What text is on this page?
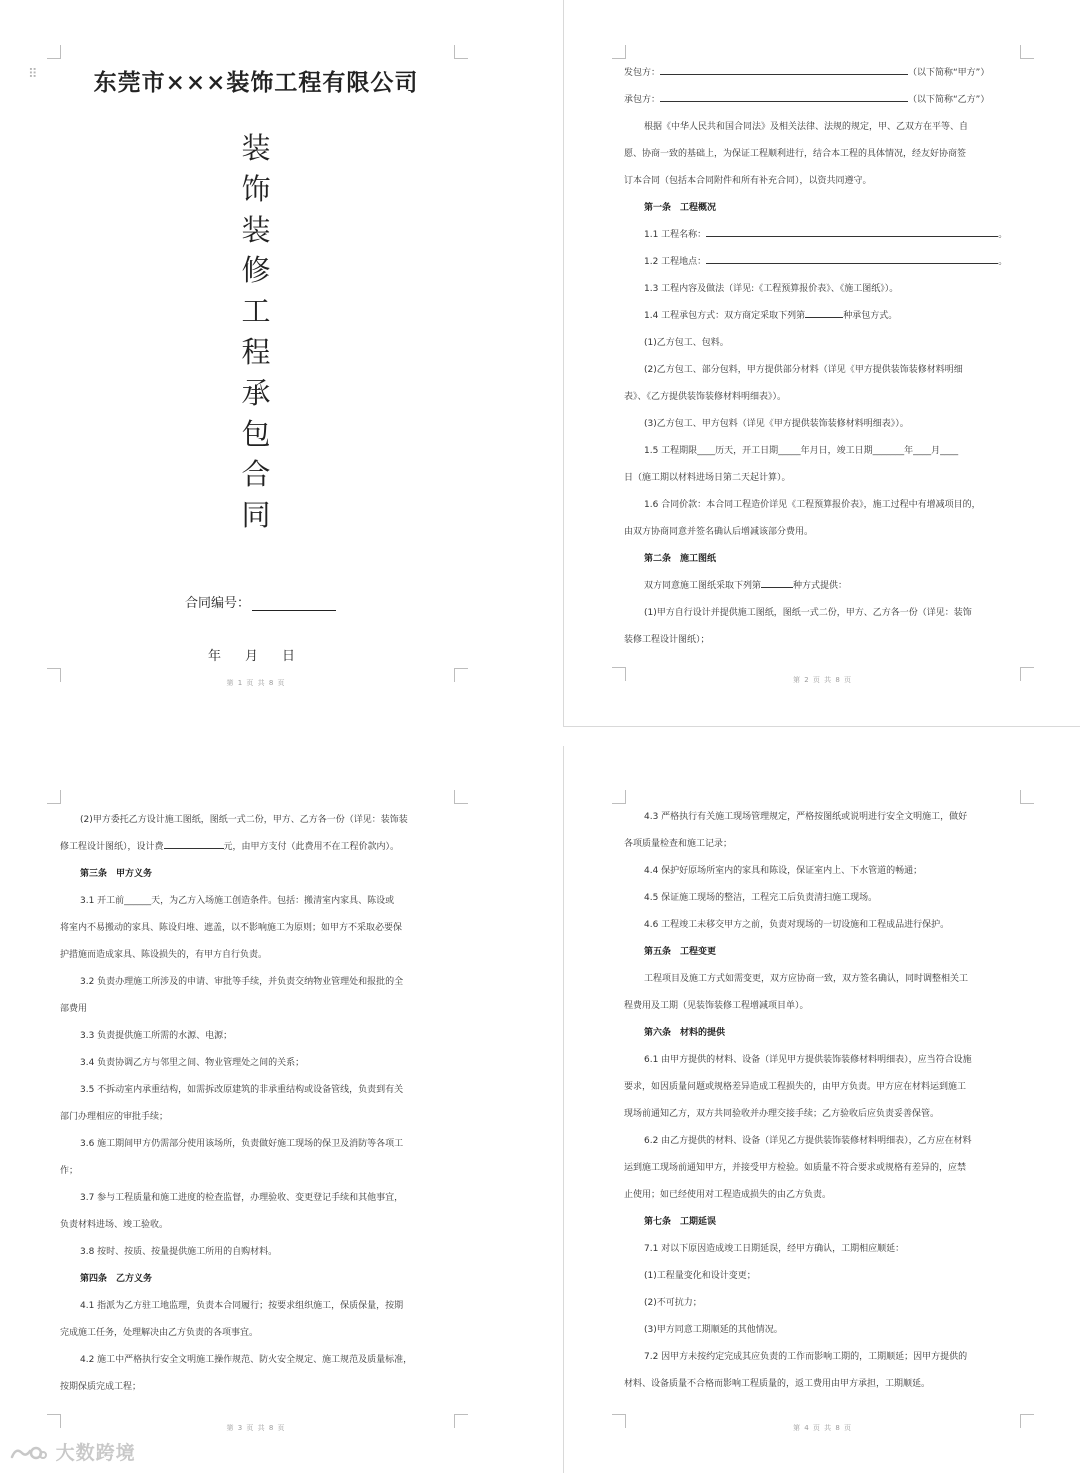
⠿	东莞市×××装饰工程有限公司
装
饰
装
修
工
程
承
包
合
同
合同编号：
年 月 日
第 1 页 共 8 页

发包方：	（以下简称“甲方”）

承包方：	（以下简称“乙方”）

根据《中华人民共和国合同法》及相关法律、法规的规定，甲、乙双方在平等、自

愿、协商一致的基础上，为保证工程顺利进行，结合本工程的具体情况，经友好协商签

订本合同（包括本合同附件和所有补充合同），以资共同遵守。

第一条　工程概况

1.1 工程名称：	。

1.2 工程地点：	。

1.3 工程内容及做法（详见:《工程预算报价表》、《施工图纸》）。

1.4 工程承包方式：双方商定采取下列第	种承包方式。

(1)乙方包工、包料。

(2)乙方包工、部分包料，甲方提供部分材料（详见《甲方提供装饰装修材料明细

表》、《乙方提供装饰装修材料明细表》）。

(3)乙方包工、甲方包料（详见《甲方提供装饰装修材料明细表》）。

1.5 工程期限____历天，开工日期_____年月日，竣工日期_______年____月____

日（施工期以材料进场日第二天起计算）。

1.6 合同价款：本合同工程造价详见《工程预算报价表》，施工过程中有增减项目的，

由双方协商同意并签名确认后增减该部分费用。

第二条　施工图纸

双方同意施工图纸采取下列第	种方式提供：

(1)甲方自行设计并提供施工图纸，图纸一式二份，甲方、乙方各一份（详见：装饰

装修工程设计图纸）；

第 2 页 共 8 页

(2)甲方委托乙方设计施工图纸，图纸一式二份，甲方、乙方各一份（详见：装饰装

修工程设计图纸），设计费	元，由甲方支付（此费用不在工程价款内）。

第三条　甲方义务

3.1 开工前______天，为乙方入场施工创造条件。包括：搬清室内家具、陈设或

将室内不易搬动的家具、陈设归堆、遮盖，以不影响施工为原则；如甲方不采取必要保

护措施而造成家具、陈设损失的，有甲方自行负责。

3.2 负责办理施工所涉及的申请、审批等手续，并负责交纳物业管理处和报批的全

部费用

3.3 负责提供施工所需的水源、电源；

3.4 负责协调乙方与邻里之间、物业管理处之间的关系；

3.5 不拆动室内承重结构，如需拆改原建筑的非承重结构或设备管线，负责到有关

部门办理相应的审批手续；

3.6 施工期间甲方仍需部分使用该场所，负责做好施工现场的保卫及消防等各项工

作；

3.7 参与工程质量和施工进度的检查监督，办理验收、变更登记手续和其他事宜，

负责材料进场、竣工验收。

3.8 按时、按质、按量提供施工所用的自购材料。

第四条　乙方义务

4.1 指派为乙方驻工地监理，负责本合同履行；按要求组织施工，保质保量，按期

完成施工任务，处理解决由乙方负责的各项事宜。

4.2 施工中严格执行安全文明施工操作规范、防火安全规定、施工规范及质量标准，

按期保质完成工程；

第 3 页 共 8 页

4.3 严格执行有关施工现场管理规定，严格按图纸或说明进行安全文明施工，做好

各项质量检查和施工记录；

4.4 保护好原场所室内的家具和陈设，保证室内上、下水管道的畅通；

4.5 保证施工现场的整洁，工程完工后负责清扫施工现场。

4.6 工程竣工未移交甲方之前，负责对现场的一切设施和工程成品进行保护。

第五条　工程变更

工程项目及施工方式如需变更，双方应协商一致，双方签名确认，同时调整相关工

程费用及工期（见装饰装修工程增减项目单）。

第六条　材料的提供

6.1 由甲方提供的材料、设备（详见甲方提供装饰装修材料明细表），应当符合设施

要求，如因质量问题或规格差异造成工程损失的，由甲方负责。甲方应在材料运到施工

现场前通知乙方，双方共同验收并办理交接手续；乙方验收后应负责妥善保管。

6.2 由乙方提供的材料、设备（详见乙方提供装饰装修材料明细表），乙方应在材料

运到施工现场前通知甲方，并接受甲方检验。如质量不符合要求或规格有差异的，应禁

止使用；如已经使用对工程造成损失的由乙方负责。

第七条　工期延误

7.1 对以下原因造成竣工日期延误，经甲方确认，工期相应顺延：

(1)工程量变化和设计变更；

(2)不可抗力；

(3)甲方同意工期顺延的其他情况。

7.2 因甲方未按约定完成其应负责的工作而影响工期的，工期顺延；因甲方提供的

材料、设备质量不合格而影响工程质量的，返工费用由甲方承担，工期顺延。

第 4 页 共 8 页
大数跨境
